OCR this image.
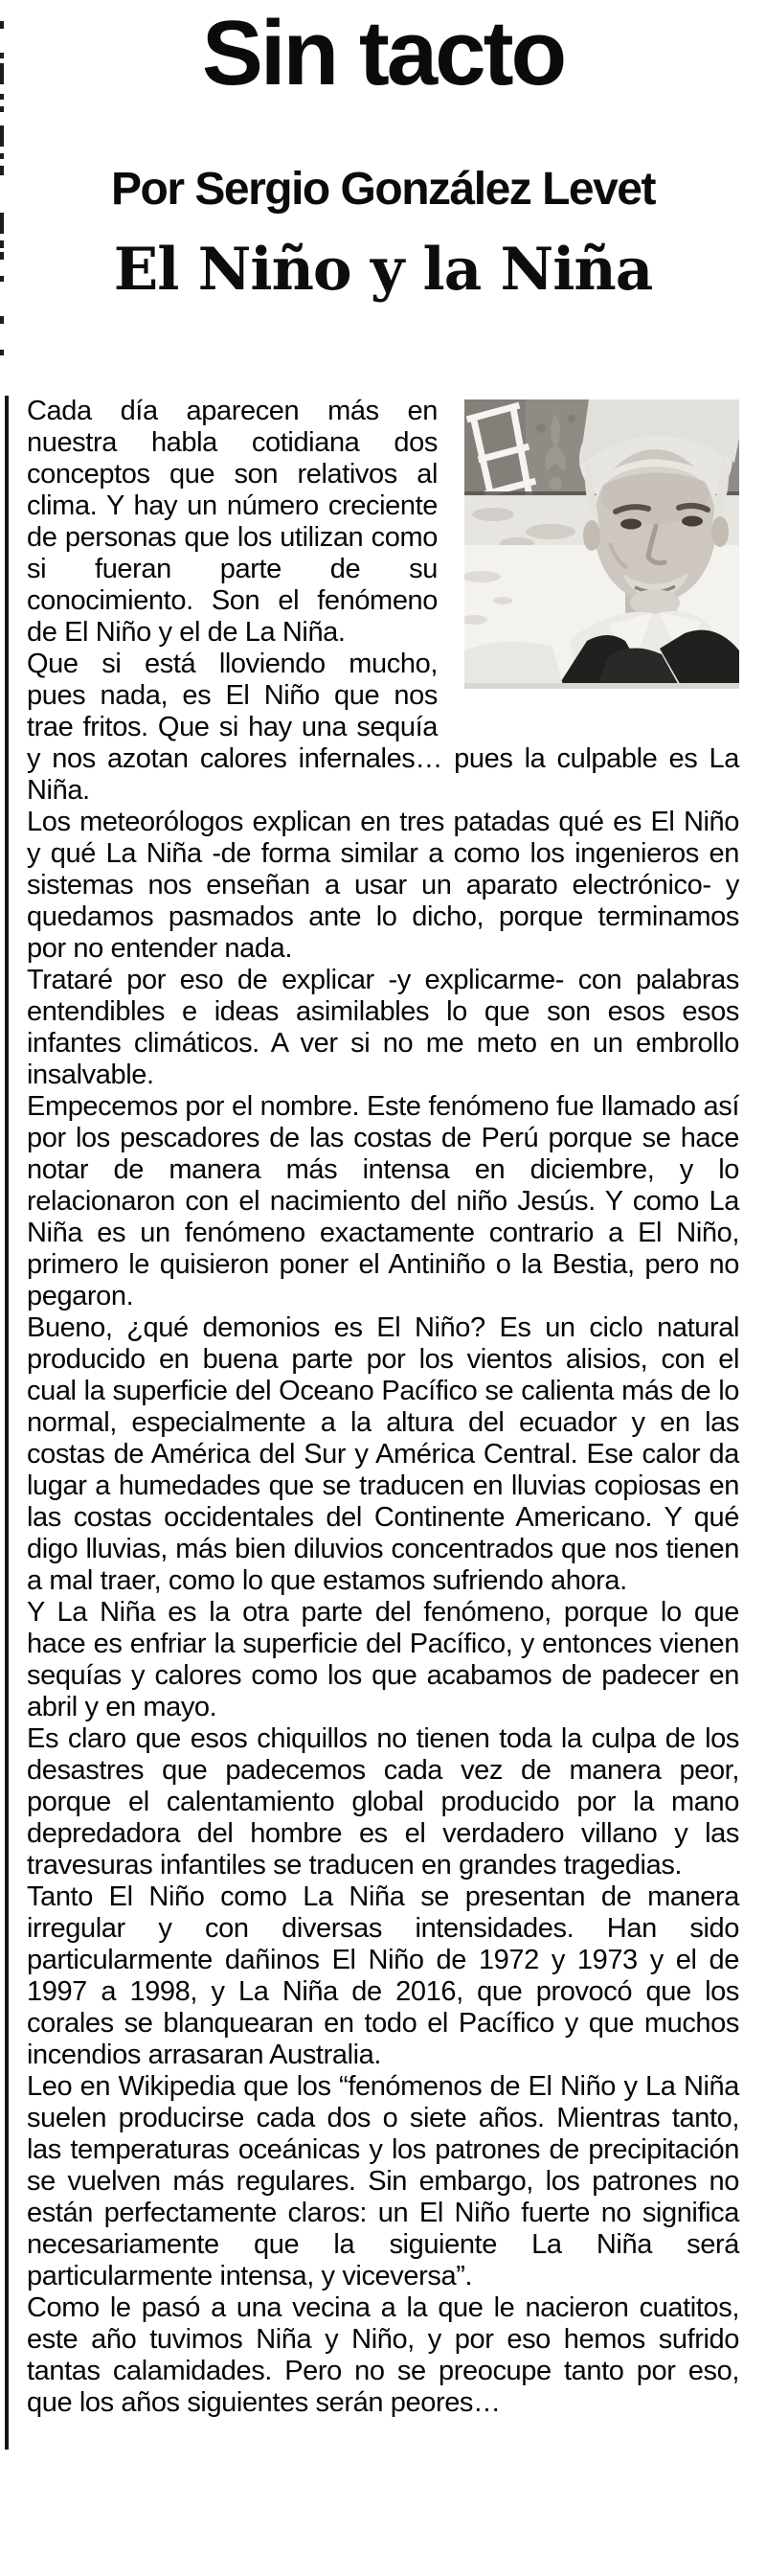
Sin tacto
Por Sergio González Levet
El Niño y la Niña

Cada día aparecen más en nuestra habla cotidiana dos conceptos que son relativos al clima. Y hay un número creciente de personas que los utilizan como si fueran parte de su conocimiento. Son el fenómeno de El Niño y el de La Niña.

Que si está lloviendo mucho, pues nada, es El Niño que nos trae fritos. Que si hay una sequía y nos azotan calores infernales… pues la culpable es La Niña.

Los meteorólogos explican en tres patadas qué es El Niño y qué La Niña -de forma similar a como los ingenieros en sistemas nos enseñan a usar un aparato electrónico- y quedamos pasmados ante lo dicho, porque terminamos por no entender nada.

Trataré por eso de explicar -y explicarme- con palabras entendibles e ideas asimilables lo que son esos esos infantes climáticos. A ver si no me meto en un embrollo insalvable.

Empecemos por el nombre. Este fenómeno fue llamado así por los pescadores de las costas de Perú porque se hace notar de manera más intensa en diciembre, y lo relacionaron con el nacimiento del niño Jesús. Y como La Niña es un fenómeno exactamente contrario a El Niño, primero le quisieron poner el Antiniño o la Bestia, pero no pegaron.

Bueno, ¿qué demonios es El Niño? Es un ciclo natural producido en buena parte por los vientos alisios, con el cual la superficie del Oceano Pacífico se calienta más de lo normal, especialmente a la altura del ecuador y en las costas de América del Sur y América Central. Ese calor da lugar a humedades que se traducen en lluvias copiosas en las costas occidentales del Continente Americano. Y qué digo lluvias, más bien diluvios concentrados que nos tienen a mal traer, como lo que estamos sufriendo ahora.

Y La Niña es la otra parte del fenómeno, porque lo que hace es enfriar la superficie del Pacífico, y entonces vienen sequías y calores como los que acabamos de padecer en abril y en mayo.

Es claro que esos chiquillos no tienen toda la culpa de los desastres que padecemos cada vez de manera peor, porque el calentamiento global producido por la mano depredadora del hombre es el verdadero villano y las travesuras infantiles se traducen en grandes tragedias.

Tanto El Niño como La Niña se presentan de manera irregular y con diversas intensidades. Han sido particularmente dañinos El Niño de 1972 y 1973 y el de 1997 a 1998, y La Niña de 2016, que provocó que los corales se blanquearan en todo el Pacífico y que muchos incendios arrasaran Australia.

Leo en Wikipedia que los “fenómenos de El Niño y La Niña suelen producirse cada dos o siete años. Mientras tanto, las temperaturas oceánicas y los patrones de precipitación se vuelven más regulares. Sin embargo, los patrones no están perfectamente claros: un El Niño fuerte no significa necesariamente que la siguiente La Niña será particularmente intensa, y viceversa”.

Como le pasó a una vecina a la que le nacieron cuatitos, este año tuvimos Niña y Niño, y por eso hemos sufrido tantas calamidades. Pero no se preocupe tanto por eso, que los años siguientes serán peores…
